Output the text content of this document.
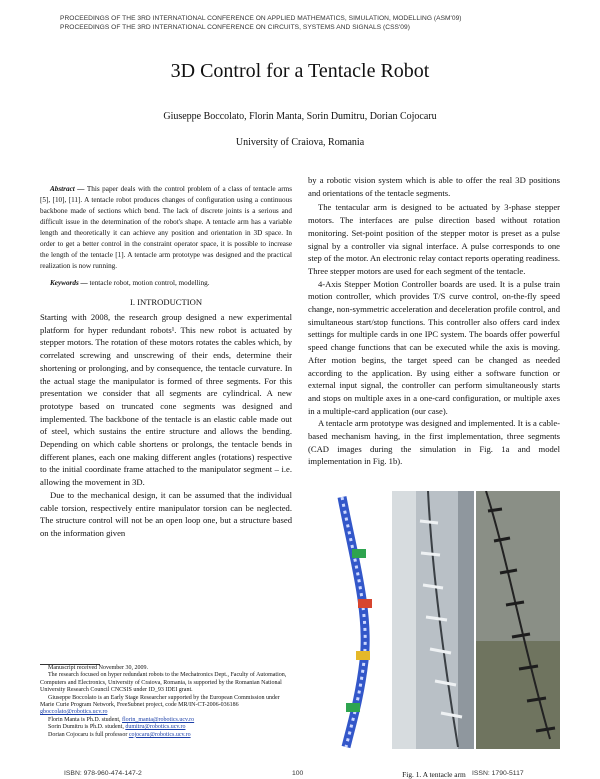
PROCEEDINGS OF THE 3RD INTERNATIONAL CONFERENCE ON APPLIED MATHEMATICS, SIMULATION, MODELLING (ASM'09)
PROCEEDINGS OF THE 3RD INTERNATIONAL CONFERENCE ON CIRCUITS, SYSTEMS AND SIGNALS (CSS'09)
3D Control for a Tentacle Robot
Giuseppe Boccolato, Florin Manta, Sorin Dumitru, Dorian Cojocaru
University of Craiova, Romania

Abstract — This paper deals with the control problem of a class of tentacle arms [5], [10], [11]. A tentacle robot produces changes of configuration using a continuous backbone made of sections which bend. The lack of discrete joints is a serious and difficult issue in the determination of the robot's shape. A tentacle arm has a variable length and theoretically it can achieve any position and orientation in 3D space. In order to get a better control in the constraint operator space, it is possible to increase the length of the tentacle [1]. A tentacle arm prototype was designed and the practical realization is now running.

Keywords — tentacle robot, motion control, modelling.

I. INTRODUCTION

Starting with 2008, the research group designed a new experimental platform for hyper redundant robots¹. This new robot is actuated by stepper motors. The rotation of these motors rotates the cables which, by correlated screwing and unscrewing of their ends, determine their shortening or prolonging, and by consequence, the tentacle curvature. In the actual stage the manipulator is formed of three segments. For this presentation we consider that all segments are cylindrical. A new prototype based on truncated cone segments was designed and implemented. The backbone of the tentacle is an elastic cable made out of steel, which sustains the entire structure and allows the bending. Depending on which cable shortens or prolongs, the tentacle bends in different planes, each one making different angles (rotations) respective to the initial coordinate frame attached to the manipulator segment – i.e. allowing the movement in 3D.

Due to the mechanical design, it can be assumed that the individual cable torsion, respectively entire manipulator torsion can be neglected. The structure control will not be an open loop one, but a structure based on the information given

by a robotic vision system which is able to offer the real 3D positions and orientations of the tentacle segments.

The tentacular arm is designed to be actuated by 3-phase stepper motors. The interfaces are pulse direction based without rotation monitoring. Set-point position of the stepper motor is preset as a pulse signal by a controller via signal interface. A pulse corresponds to one step of the motor. An electronic relay contact reports operating readiness. Three stepper motors are used for each segment of the tentacle.

4-Axis Stepper Motion Controller boards are used. It is a pulse train motion controller, which provides T/S curve control, on-the-fly speed change, non-symmetric acceleration and deceleration profile control, and simultaneous start/stop functions. This controller also offers card index settings for multiple cards in one IPC system. The boards offer powerful speed change functions that can be executed while the axis is moving. After motion begins, the target speed can be changed as needed according to the application. By using either a software function or external input signal, the controller can perform simultaneously starts and stops on multiple axes in a one-card configuration, or multiple axes in a multiple-card application (our case).

A tentacle arm prototype was designed and implemented. It is a cable-based mechanism having, in the first implementation, three segments (CAD images during the simulation in Fig. 1a and model implementation in Fig. 1b).

Fig. 1. A tentacle arm

Manuscript received November 30, 2009.

The research focused on hyper redundant robots to the Mechatronics Dept., Faculty of Automation, Computers and Electronics, University of Craiova, Romania, is supported by the Romanian National University Research Council CNCSIS under ID_93 IDEI grant.

Giuseppe Boccolato is an Early Stage Researcher supported by the European Commission under Marie Curie Program Network, FreeSubnet project, code MR/IN-CT-2006-036186 gboccolato@robotics.ucv.ro

Florin Manta is Ph.D. student, florin_manta@robotics.ucv.ro

Sorin Dumitru is Ph.D. student, dumitru@robotics.ucv.ro

Dorian Cojocaru is full professor cojocaru@robotics.ucv.ro

ISBN: 978-960-474-147-2	100	ISSN: 1790-5117
